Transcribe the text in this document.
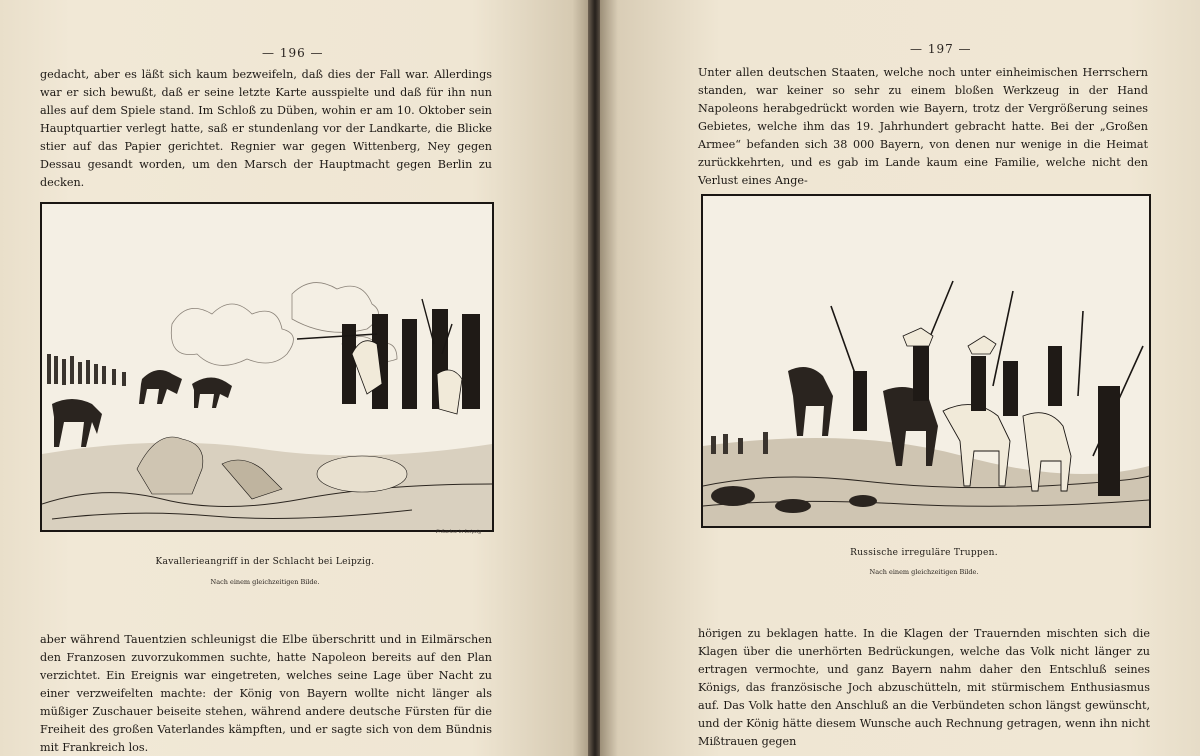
— 196 —

gedacht, aber es läßt sich kaum bezweifeln, daß dies der Fall war. Allerdings war er sich bewußt, daß er seine letzte Karte ausspielte und daß für ihn nun alles auf dem Spiele stand. Im Schloß zu Düben, wohin er am 10. Oktober sein Hauptquartier verlegt hatte, saß er stundenlang vor der Landkarte, die Blicke stier auf das Papier gerichtet. Regnier war gegen Wittenberg, Ney gegen Dessau gesandt worden, um den Marsch der Hauptmacht gegen Berlin zu decken.

F. Sachse in Leipzig
Kavallerieangriff in der Schlacht bei Leipzig.
Nach einem gleichzeitigen Bilde.

aber während Tauentzien schleunigst die Elbe überschritt und in Eilmärschen den Franzosen zuvorzukommen suchte, hatte Napoleon bereits auf den Plan verzichtet. Ein Ereignis war eingetreten, welches seine Lage über Nacht zu einer verzweifelten machte: der König von Bayern wollte nicht länger als müßiger Zuschauer beiseite stehen, während andere deutsche Fürsten für die Freiheit des großen Vaterlandes kämpften, und er sagte sich von dem Bündnis mit Frankreich los.

— 197 —

Unter allen deutschen Staaten, welche noch unter einheimischen Herrschern standen, war keiner so sehr zu einem bloßen Werkzeug in der Hand Napoleons herabgedrückt worden wie Bayern, trotz der Vergrößerung seines Gebietes, welche ihm das 19. Jahrhundert gebracht hatte. Bei der „Großen Armee“ befanden sich 38 000 Bayern, von denen nur wenige in die Heimat zurückkehrten, und es gab im Lande kaum eine Familie, welche nicht den Verlust eines Ange-

Russische irreguläre Truppen.
Nach einem gleichzeitigen Bilde.

hörigen zu beklagen hatte. In die Klagen der Trauernden mischten sich die Klagen über die unerhörten Bedrückungen, welche das Volk nicht länger zu ertragen vermochte, und ganz Bayern nahm daher den Entschluß seines Königs, das französische Joch abzuschütteln, mit stürmischem Enthusiasmus auf. Das Volk hatte den Anschluß an die Verbündeten schon längst gewünscht, und der König hätte diesem Wunsche auch Rechnung getragen, wenn ihn nicht Mißtrauen gegen
